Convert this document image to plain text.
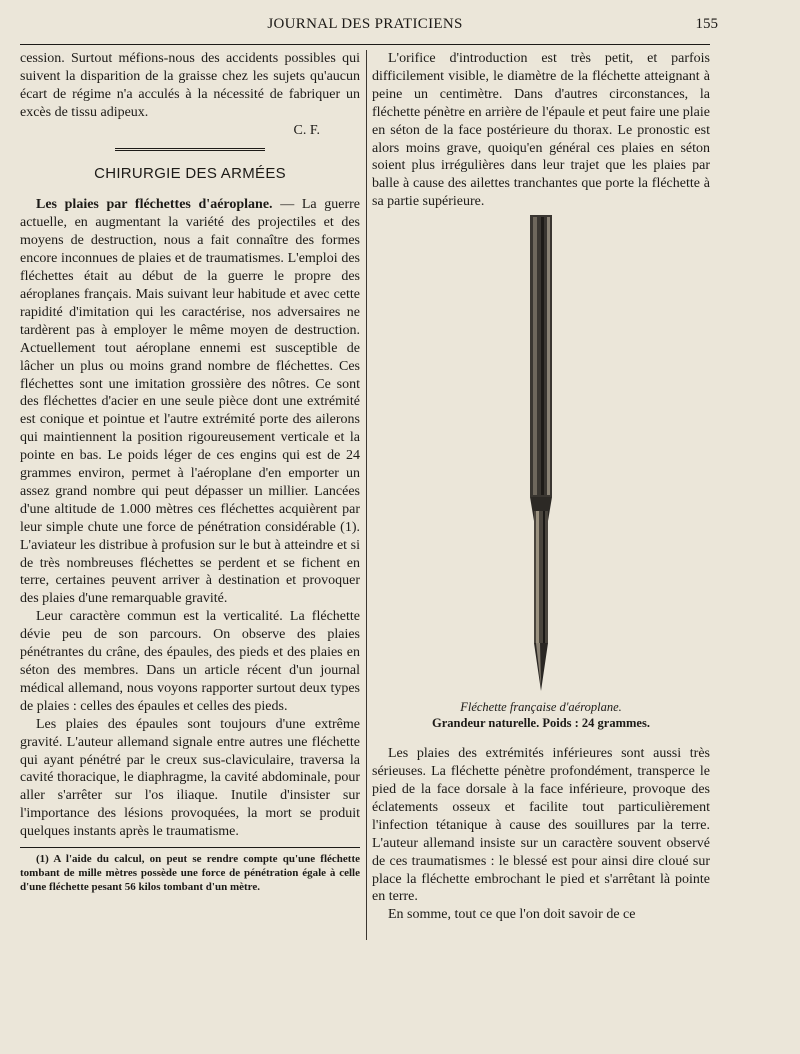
JOURNAL DES PRATICIENS	155

cession. Surtout méfions-nous des accidents possibles qui suivent la disparition de la graisse chez les sujets qu'aucun écart de régime n'a acculés à la nécessité de fabriquer un excès de tissu adipeux.

C. F.

CHIRURGIE DES ARMÉES

Les plaies par fléchettes d'aéroplane. — La guerre actuelle, en augmentant la variété des projectiles et des moyens de destruction, nous a fait connaître des formes encore inconnues de plaies et de traumatismes. L'emploi des fléchettes était au début de la guerre le propre des aéroplanes français. Mais suivant leur habitude et avec cette rapidité d'imitation qui les caractérise, nos adversaires ne tardèrent pas à employer le même moyen de destruction. Actuellement tout aéroplane ennemi est susceptible de lâcher un plus ou moins grand nombre de fléchettes. Ces fléchettes sont une imitation grossière des nôtres. Ce sont des fléchettes d'acier en une seule pièce dont une extrémité est conique et pointue et l'autre extrémité porte des ailerons qui maintiennent la position rigoureusement verticale et la pointe en bas. Le poids léger de ces engins qui est de 24 grammes environ, permet à l'aéroplane d'en emporter un assez grand nombre qui peut dépasser un millier. Lancées d'une altitude de 1.000 mètres ces fléchettes acquièrent par leur simple chute une force de pénétration considérable (1). L'aviateur les distribue à profusion sur le but à atteindre et si de très nombreuses fléchettes se perdent et se fichent en terre, certaines peuvent arriver à destination et provoquer des plaies d'une remarquable gravité.

Leur caractère commun est la verticalité. La fléchette dévie peu de son parcours. On observe des plaies pénétrantes du crâne, des épaules, des pieds et des plaies en séton des membres. Dans un article récent d'un journal médical allemand, nous voyons rapporter surtout deux types de plaies : celles des épaules et celles des pieds.

Les plaies des épaules sont toujours d'une extrême gravité. L'auteur allemand signale entre autres une fléchette qui ayant pénétré par le creux sus-claviculaire, traversa la cavité thoracique, le diaphragme, la cavité abdominale, pour aller s'arrêter sur l'os iliaque. Inutile d'insister sur l'importance des lésions provoquées, la mort se produit quelques instants après le traumatisme.

(1) A l'aide du calcul, on peut se rendre compte qu'une fléchette tombant de mille mètres possède une force de pénétration égale à celle d'une fléchette pesant 56 kilos tombant d'un mètre.

L'orifice d'introduction est très petit, et parfois difficilement visible, le diamètre de la fléchette atteignant à peine un centimètre. Dans d'autres circonstances, la fléchette pénètre en arrière de l'épaule et peut faire une plaie en séton de la face postérieure du thorax. Le pronostic est alors moins grave, quoiqu'en général ces plaies en séton soient plus irrégulières dans leur trajet que les plaies par balle à cause des ailettes tranchantes que porte la fléchette à sa partie supérieure.

Fléchette française d'aéroplane.
Grandeur naturelle. Poids : 24 grammes.

Les plaies des extrémités inférieures sont aussi très sérieuses. La fléchette pénètre profondément, transperce le pied de la face dorsale à la face inférieure, provoque des éclatements osseux et facilite tout particulièrement l'infection tétanique à cause des souillures par la terre. L'auteur allemand insiste sur un caractère souvent observé de ces traumatismes : le blessé est pour ainsi dire cloué sur place la fléchette embrochant le pied et s'arrêtant là pointe en terre.

En somme, tout ce que l'on doit savoir de ce
